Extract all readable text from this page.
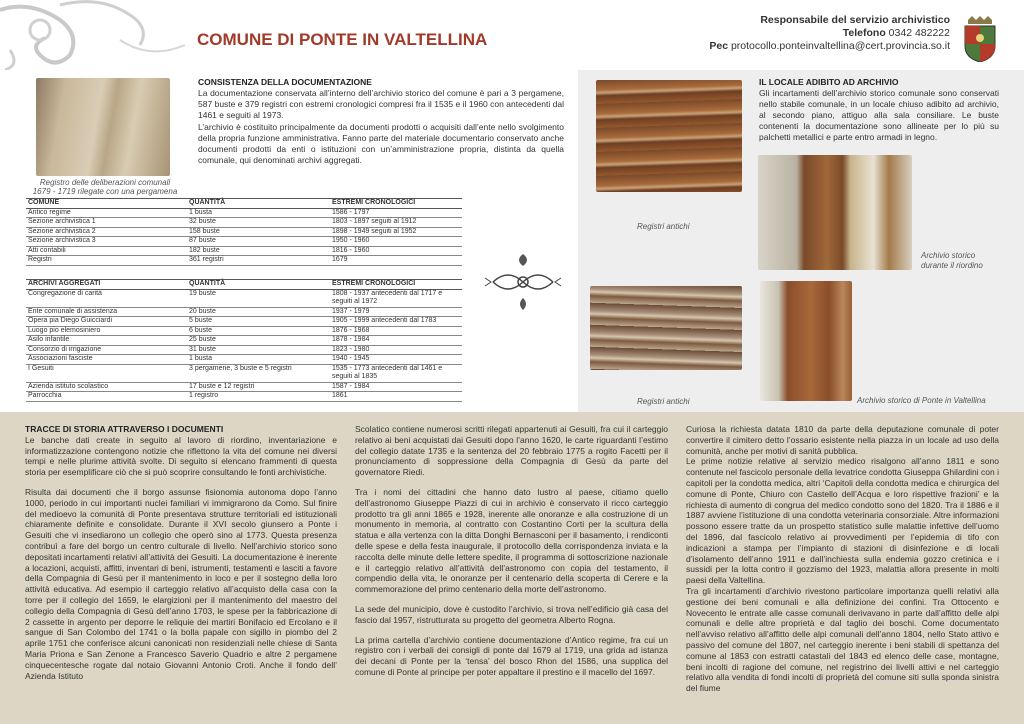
COMUNE DI PONTE IN VALTELLINA
Responsabile del servizio archivistico
Telefono 0342 482222
Pec protocollo.ponteinvaltellina@cert.provincia.so.it
Registro delle deliberazioni comunali 1679 - 1719 rilegate con una pergamena
CONSISTENZA DELLA DOCUMENTAZIONE
La documentazione conservata all’interno dell’archivio storico del comune è pari a 3 pergamene, 587 buste e 379 registri con estremi cronologici compresi fra il 1535 e il 1960 con antecedenti dal 1461 e seguiti al 1973.
L’archivio è costituito principalmente da documenti prodotti o acquisiti dall’ente nello svolgimento della propria funzione amministrativa. Fanno parte del materiale documentario conservato anche documenti prodotti da enti o istituzioni con un’amministrazione propria, distinta da quella comunale, qui denominati archivi aggregati.
COMUNE	QUANTITÀ	ESTREMI CRONOLOGICI
Antico regime	1 busta	1586 - 1797
Sezione archivistica 1	32 buste	1803 - 1897 seguiti al 1912
Sezione archivistica 2	158 buste	1898 - 1949 seguiti al 1952
Sezione archivistica 3	87 buste	1950 - 1960
Atti contabili	182 buste	1816 - 1960
Registri	361 registri	1679
ARCHIVI AGGREGATI	QUANTITÀ	ESTREMI CRONOLOGICI
Congregazione di carità	19 buste	1808 - 1937 antecedenti dal 1717 e seguiti al 1972
Ente comunale di assistenza	20 buste	1937 - 1979
Opera pia Diego Guicciardi	5 buste	1905 - 1999 antecedenti dal 1783
Luogo pio elemosiniero	6 buste	1876 - 1968
Asilo infantile	25 buste	1878 - 1984
Consorzio di irrigazione	31 buste	1823 - 1980
Associazioni fasciste	1 busta	1940 - 1945
I Gesuiti	3 pergamene, 3 buste e 5 registri	1535 - 1773 antecedenti dal 1461 e seguiti al 1835
Azienda istituto scolastico	17 buste e 12 registri	1587 - 1984
Parrocchia	1 registro	1861
Registri antichi
Registri antichi
IL LOCALE ADIBITO AD ARCHIVIO
Gli incartamenti dell’archivio storico comunale sono conservati nello stabile comunale, in un locale chiuso adibito ad archivio, al secondo piano, attiguo alla sala consiliare. Le buste contenenti la documentazione sono allineate per lo più su palchetti metallici e parte entro armadi in legno.
Archivio storico durante il riordino
Archivio storico di Ponte in Valtellina
TRACCE DI STORIA ATTRAVERSO I DOCUMENTI

Le banche dati create in seguito al lavoro di riordino, inventariazione e informatizzazione contengono notizie che riflettono la vita del comune nei diversi tempi e nelle plurime attività svolte. Di seguito si elencano frammenti di questa storia per esemplificare ciò che si può scoprire consultando le fonti archivistiche.

Risulta dai documenti che il borgo assunse fisionomia autonoma dopo l’anno 1000, periodo in cui importanti nuclei familiari vi immigrarono da Como. Sul finire del medioevo la comunità di Ponte presentava strutture territoriali ed istituzionali chiaramente definite e consolidate. Durante il XVI secolo giunsero a Ponte i Gesuiti che vi insediarono un collegio che operò sino al 1773. Questa presenza contribuì a fare del borgo un centro culturale di livello. Nell’archivio storico sono depositati incartamenti relativi all’attività dei Gesuiti. La documentazione è inerente a locazioni, acquisti, affitti, inventari di beni, istrumenti, testamenti e lasciti a favore della Compagnia di Gesù per il mantenimento in loco e per il sostegno della loro attività educativa. Ad esempio il carteggio relativo all’acquisto della casa con la torre per il collegio del 1659, le elargizioni per il mantenimento del maestro del collegio della Compagnia di Gesù dell’anno 1703, le spese per la fabbricazione di 2 cassette in argento per deporre le reliquie dei martiri Bonifacio ed Ercolano e il sangue di San Colombo del 1741 o la bolla papale con sigillo in piombo del 2 aprile 1751 che conferisce alcuni canonicati non residenziali nelle chiese di Santa Maria Prionа e San Zenone a Francesco Saverio Quadrio e altre 2 pergamene cinquecentesche rogate dal notaio Giovanni Antonio Croti. Anche il fondo dell’ Azienda Istituto

Scolatico contiene numerosi scritti rilegati appartenuti ai Gesuiti, fra cui il carteggio relativo ai beni acquistati dai Gesuiti dopo l’anno 1620, le carte riguardanti l’estimo del collegio datate 1735 e la sentenza del 20 febbraio 1775 a rogito Facetti per il pronunciamento di soppressione della Compagnia di Gesù da parte del governatore Riedi.

Tra i nomi dei cittadini che hanno dato lustro al paese, citiamo quello dell’astronomo Giuseppe Piazzi di cui in archivio è conservato il ricco carteggio prodotto tra gli anni 1865 e 1928, inerente alle onoranze e alla costruzione di un monumento in memoria, al contratto con Costantino Corti per la scultura della statua e alla vertenza con la ditta Donghi Bernasconi per il basamento, i rendiconti delle spese e della festa inaugurale, il protocollo della corrispondenza inviata e la raccolta delle minute delle lettere spedite, il programma di sottoscrizione nazionale e il carteggio relativo all’attività dell’astronomo con copia del testamento, il compendio della vita, le onoranze per il centenario della scoperta di Cerere e la commemorazione del primo centenario della morte dell’astronomo.

La sede del municipio, dove è custodito l’archivio, si trova nell’edificio già casa del fascio dal 1957, ristrutturata su progetto del geometra Alberto Rogna.

La prima cartella d’archivio contiene documentazione d’Antico regime, fra cui un registro con i verbali dei consigli di ponte dal 1679 al 1719, una grida ad istanza dei decani di Ponte per la ‘tensa’ del bosco Rhon del 1586, una supplica del comune di Ponte al principe per poter appaltare il prestino e il macello del 1697.

Curiosa la richiesta datata 1810 da parte della deputazione comunale di poter convertire il cimitero detto l’ossario esistente nella piazza in un locale ad uso della comunità, anche per motivi di sanità pubblica.

Le prime notizie relative al servizio medico risalgono all’anno 1811 e sono contenute nel fascicolo personale della levatrice condotta Giuseppa Ghilardini con i capitoli per la condotta medica, altri ‘Capitoli della condotta medica e chirurgica del comune di Ponte, Chiuro con Castello dell’Acqua e loro rispettive frazioni’ e la richiesta di aumento di congrua del medico condotto sono del 1820. Tra il 1886 e il 1887 avviene l’istituzione di una condotta veterinaria consorziale. Altre informazioni possono essere tratte da un prospetto statistico sulle malattie infettive dell’uomo del 1896, dal fascicolo relativo ai provvedimenti per l’epidemia di tifo con indicazioni a stampa per l’impianto di stazioni di disinfezione e di locali d’isolamento dell’anno 1911 e dall’inchiesta sulla endemia gozzo cretinica e i sussidi per la lotta contro il gozzismo del 1923, malattia allora presente in molti paesi della Valtellina.

Tra gli incartamenti d’archivio rivestono particolare importanza quelli relativi alla gestione dei beni comunali e alla definizione dei confini. Tra Ottocento e Novecento le entrate alle casse comunali derivavano in parte dall’affitto delle alpi comunali e delle altre proprietà e dal taglio dei boschi. Come documentato nell’avviso relativo all’affitto delle alpi comunali dell’anno 1804, nello Stato attivo e passivo del comune del 1807, nel carteggio inerente i beni stabili di spettanza del comune al 1853 con estratti catastali del 1843 ed elenco delle case, montagne, beni incolti di ragione del comune, nel registrino dei livelli attivi e nel carteggio relativo alla vendita di fondi incolti di proprietà del comune siti sulla sponda sinistra del fiume
